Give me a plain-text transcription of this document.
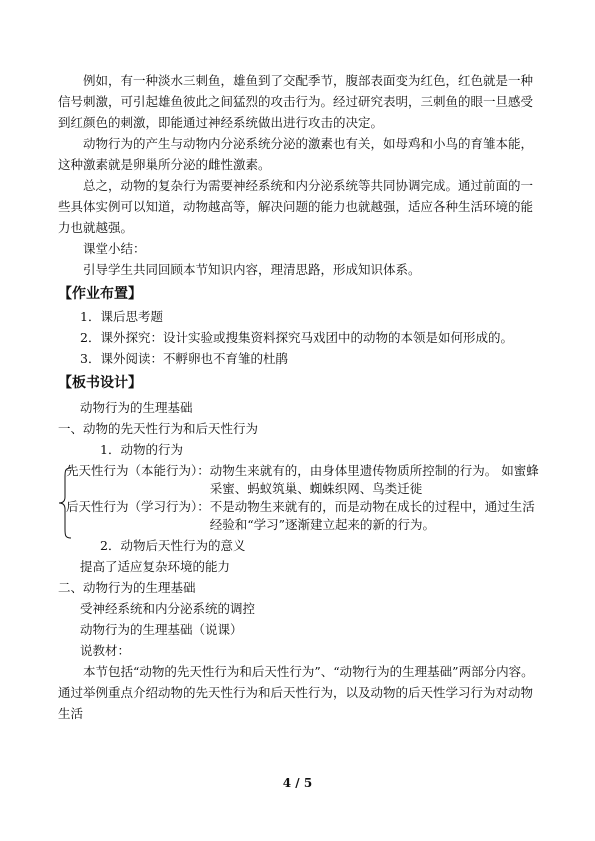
例如，有一种淡水三刺鱼，雄鱼到了交配季节，腹部表面变为红色，红色就是一种信号刺激，可引起雄鱼彼此之间猛烈的攻击行为。经过研究表明，三刺鱼的眼一旦感受到红颜色的刺激，即能通过神经系统做出进行攻击的决定。

动物行为的产生与动物内分泌系统分泌的激素也有关，如母鸡和小鸟的育雏本能，这种激素就是卵巢所分泌的雌性激素。

总之，动物的复杂行为需要神经系统和内分泌系统等共同协调完成。通过前面的一些具体实例可以知道，动物越高等，解决问题的能力也就越强，适应各种生活环境的能力也就越强。

课堂小结：

引导学生共同回顾本节知识内容，理清思路，形成知识体系。

【作业布置】

1．课后思考题

2．课外探究：设计实验或搜集资料探究马戏团中的动物的本领是如何形成的。

3．课外阅读：不孵卵也不育雏的杜鹃

【板书设计】

动物行为的生理基础

一、动物的先天性行为和后天性行为

1．动物的行为

先天性行为（本能行为）： 动物生来就有的，由身体里遗传物质所控制的行为。 如蜜蜂采蜜、蚂蚁筑巢、蜘蛛织网、鸟类迁徙
后天性行为（学习行为）： 不是动物生来就有的，而是动物在成长的过程中，通过生活经验和“学习”逐渐建立起来的新的行为。

2．动物后天性行为的意义

提高了适应复杂环境的能力

二、动物行为的生理基础

受神经系统和内分泌系统的调控

动物行为的生理基础（说课）

说教材：

本节包括“动物的先天性行为和后天性行为”、“动物行为的生理基础”两部分内容。通过举例重点介绍动物的先天性行为和后天性行为，以及动物的后天性学习行为对动物生活

4 / 5
